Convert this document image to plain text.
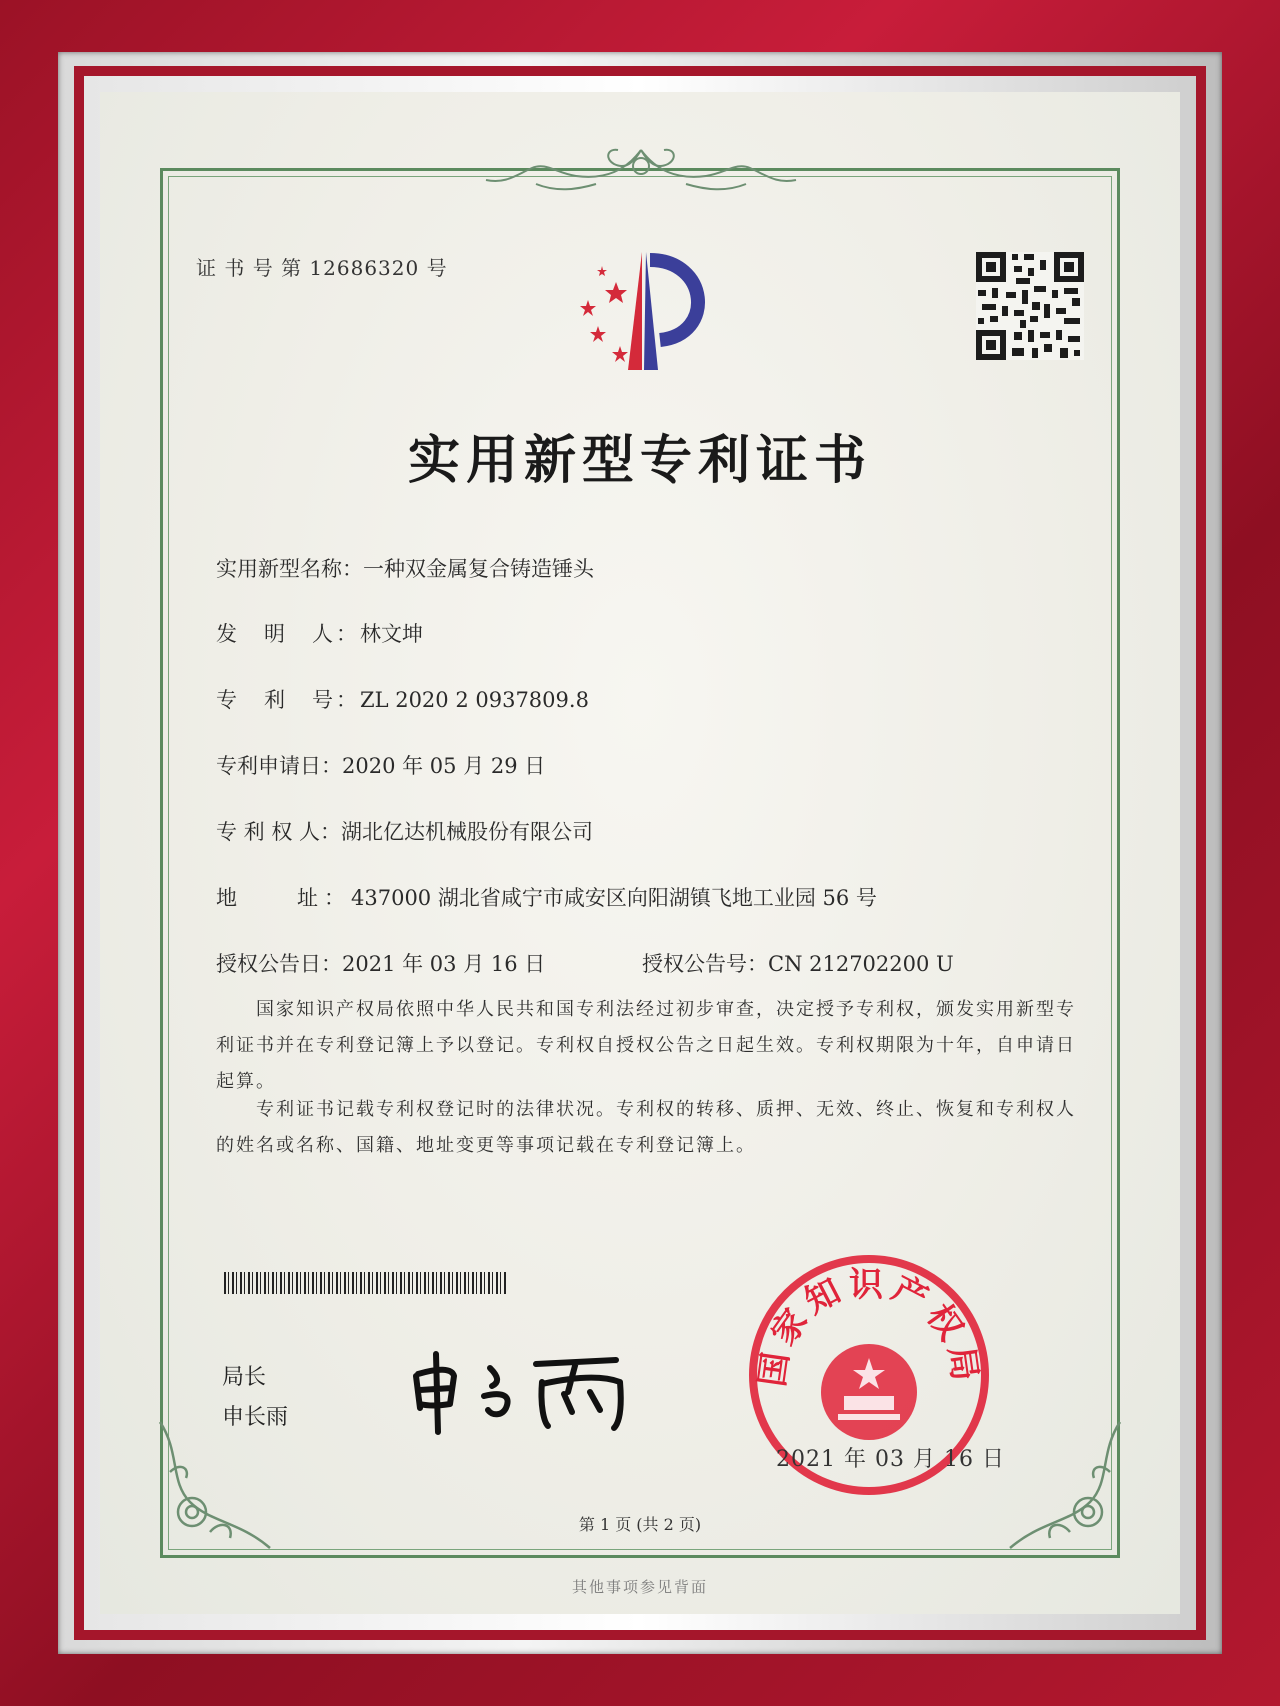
证 书 号 第 12686320 号
实用新型专利证书
实用新型名称：一种双金属复合铸造锤头
发　明　人：林文坤
专　利　号：ZL 2020 2 0937809.8
专利申请日：2020 年 05 月 29 日
专 利 权 人：湖北亿达机械股份有限公司
地　　址：437000 湖北省咸宁市咸安区向阳湖镇飞地工业园 56 号
授权公告日：2021 年 03 月 16 日	授权公告号：CN 212702200 U
国家知识产权局依照中华人民共和国专利法经过初步审查，决定授予专利权，颁发实用新型专利证书并在专利登记簿上予以登记。专利权自授权公告之日起生效。专利权期限为十年，自申请日起算。
专利证书记载专利权登记时的法律状况。专利权的转移、质押、无效、终止、恢复和专利权人的姓名或名称、国籍、地址变更等事项记载在专利登记簿上。
局长
申长雨
国家知识产权局
2021 年 03 月 16 日
第 1 页 (共 2 页)
其他事项参见背面
